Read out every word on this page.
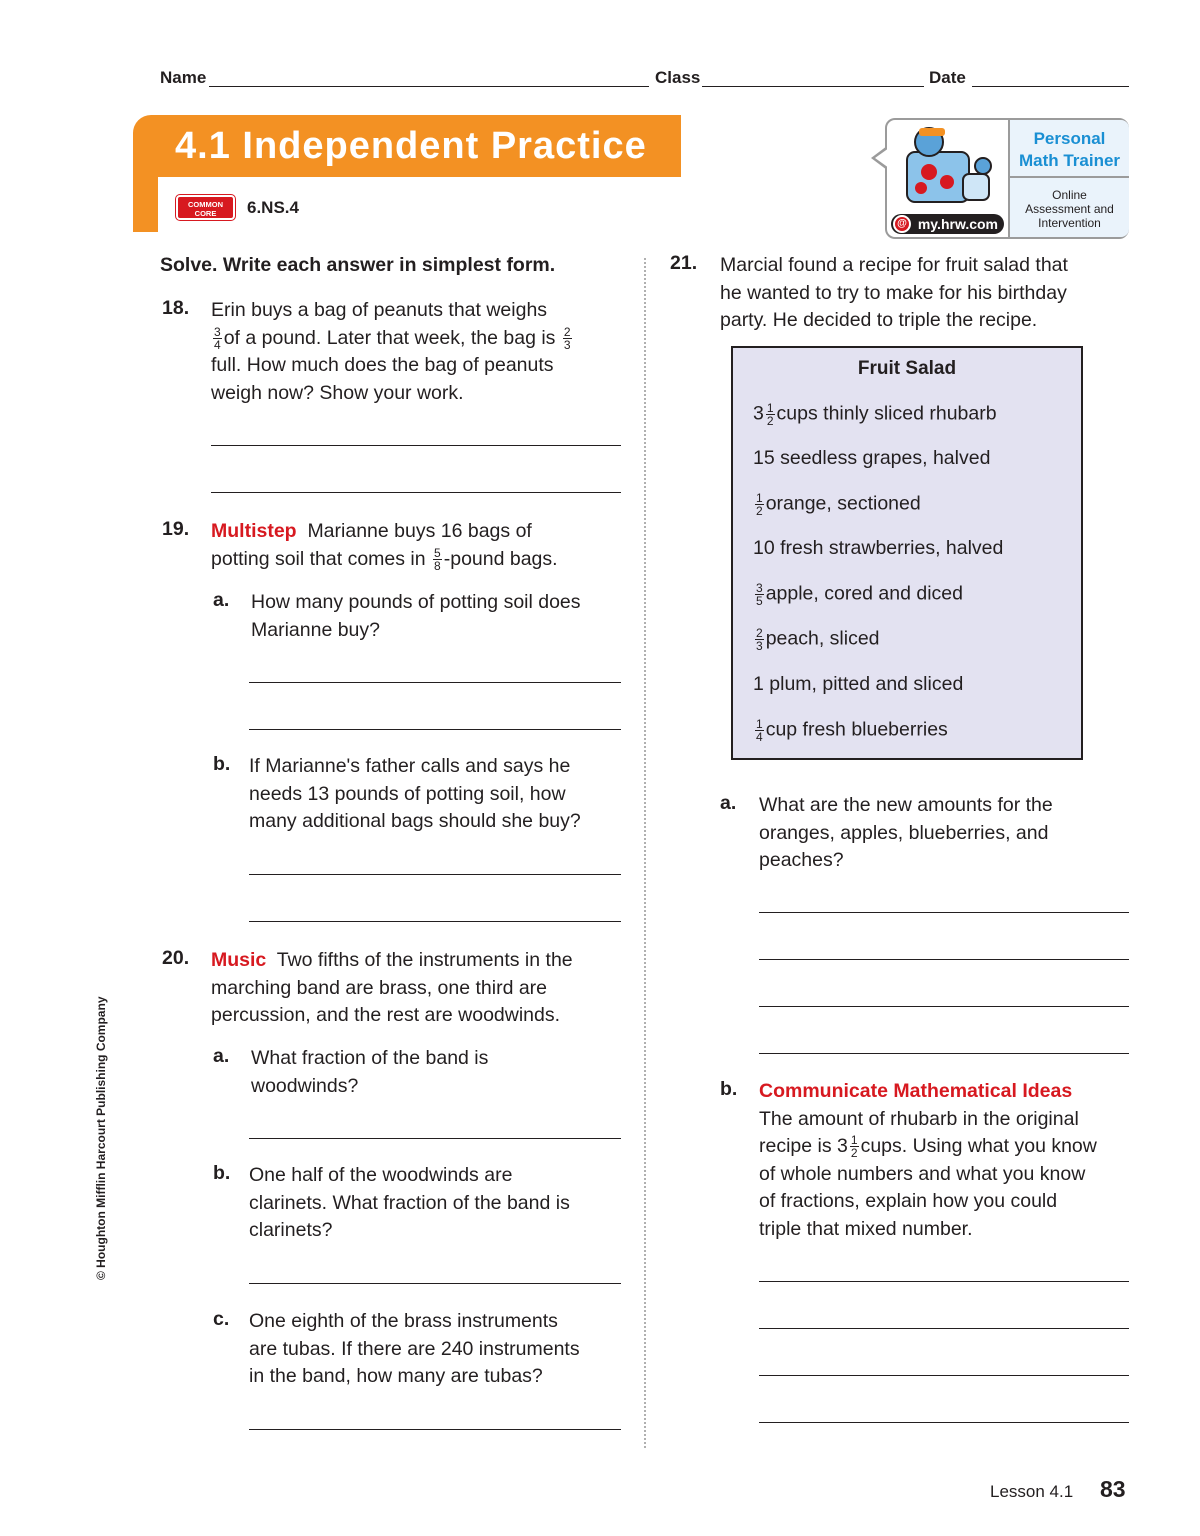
Name	Class	Date
4.1 Independent Practice
COMMON
CORE	6.NS.4
@ my.hrw.com
Personal
Math Trainer
Online
Assessment and
Intervention
Solve. Write each answer in simplest form.
18. Erin buys a bag of peanuts that weighs
$\frac{3}{4}$ of a pound. Later that week, the bag is $\frac{2}{3}$
full. How much does the bag of peanuts
weigh now? Show your work.
19. Multistep Marianne buys 16 bags of
potting soil that comes in $\frac{5}{8}$ -pound bags.
a. How many pounds of potting soil does
Marianne buy?
b. If Marianne's father calls and says he
needs 13 pounds of potting soil, how
many additional bags should she buy?
20. Music Two fifths of the instruments in the
marching band are brass, one third are
percussion, and the rest are woodwinds.
a. What fraction of the band is
woodwinds?
b. One half of the woodwinds are
clarinets. What fraction of the band is
clarinets?
c. One eighth of the brass instruments
are tubas. If there are 240 instruments
in the band, how many are tubas?
21. Marcial found a recipe for fruit salad that
he wanted to try to make for his birthday
party. He decided to triple the recipe.
Fruit Salad
$3 \frac{1}{2}$ cups thinly sliced rhubarb
15 seedless grapes, halved
$\frac{1}{2}$ orange, sectioned
10 fresh strawberries, halved
$\frac{3}{5}$ apple, cored and diced
$\frac{2}{3}$ peach, sliced
1 plum, pitted and sliced
$\frac{1}{4}$ cup fresh blueberries
a. What are the new amounts for the
oranges, apples, blueberries, and
peaches?
b. Communicate Mathematical Ideas
The amount of rhubarb in the original
recipe is $3 \frac{1}{2}$ cups. Using what you know
of whole numbers and what you know
of fractions, explain how you could
triple that mixed number.
© Houghton Mifflin Harcourt Publishing Company
Lesson 4.1 83
